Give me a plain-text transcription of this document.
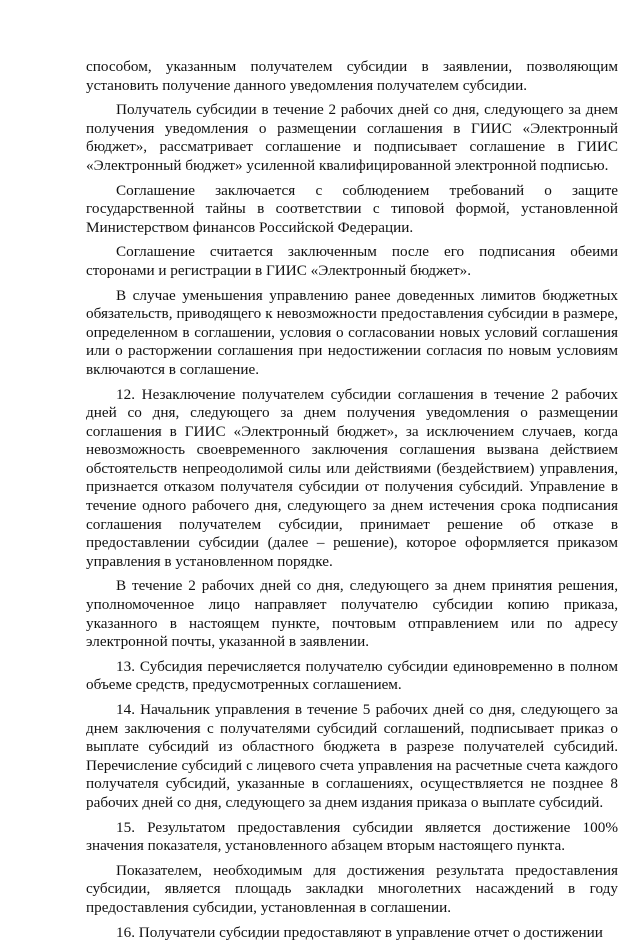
способом, указанным получателем субсидии в заявлении, позволяющим установить получение данного уведомления получателем субсидии.

Получатель субсидии в течение 2 рабочих дней со дня, следующего за днем получения уведомления о размещении соглашения в ГИИС «Электронный бюджет», рассматривает соглашение и подписывает соглашение в ГИИС «Электронный бюджет» усиленной квалифицированной электронной подписью.

Соглашение заключается с соблюдением требований о защите государственной тайны в соответствии с типовой формой, установленной Министерством финансов Российской Федерации.

Соглашение считается заключенным после его подписания обеими сторонами и регистрации в ГИИС «Электронный бюджет».

В случае уменьшения управлению ранее доведенных лимитов бюджетных обязательств, приводящего к невозможности предоставления субсидии в размере, определенном в соглашении, условия о согласовании новых условий соглашения или о расторжении соглашения при недостижении согласия по новым условиям включаются в соглашение.

12. Незаключение получателем субсидии соглашения в течение 2 рабочих дней со дня, следующего за днем получения уведомления о размещении соглашения в ГИИС «Электронный бюджет», за исключением случаев, когда невозможность своевременного заключения соглашения вызвана действием обстоятельств непреодолимой силы или действиями (бездействием) управления, признается отказом получателя субсидии от получения субсидий. Управление в течение одного рабочего дня, следующего за днем истечения срока подписания соглашения получателем субсидии, принимает решение об отказе в предоставлении субсидии (далее – решение), которое оформляется приказом управления в установленном порядке.

В течение 2 рабочих дней со дня, следующего за днем принятия решения, уполномоченное лицо направляет получателю субсидии копию приказа, указанного в настоящем пункте, почтовым отправлением или по адресу электронной почты, указанной в заявлении.

13. Субсидия перечисляется получателю субсидии единовременно в полном объеме средств, предусмотренных соглашением.

14. Начальник управления в течение 5 рабочих дней со дня, следующего за днем заключения с получателями субсидий соглашений, подписывает приказ о выплате субсидий из областного бюджета в разрезе получателей субсидий. Перечисление субсидий с лицевого счета управления на расчетные счета каждого получателя субсидий, указанные в соглашениях, осуществляется не позднее 8 рабочих дней со дня, следующего за днем издания приказа о выплате субсидий.

15. Результатом предоставления субсидии является достижение 100% значения показателя, установленного абзацем вторым настоящего пункта.

Показателем, необходимым для достижения результата предоставления субсидии, является площадь закладки многолетних насаждений в году предоставления субсидии, установленная в соглашении.

16. Получатели субсидии предоставляют в управление отчет о достижении
